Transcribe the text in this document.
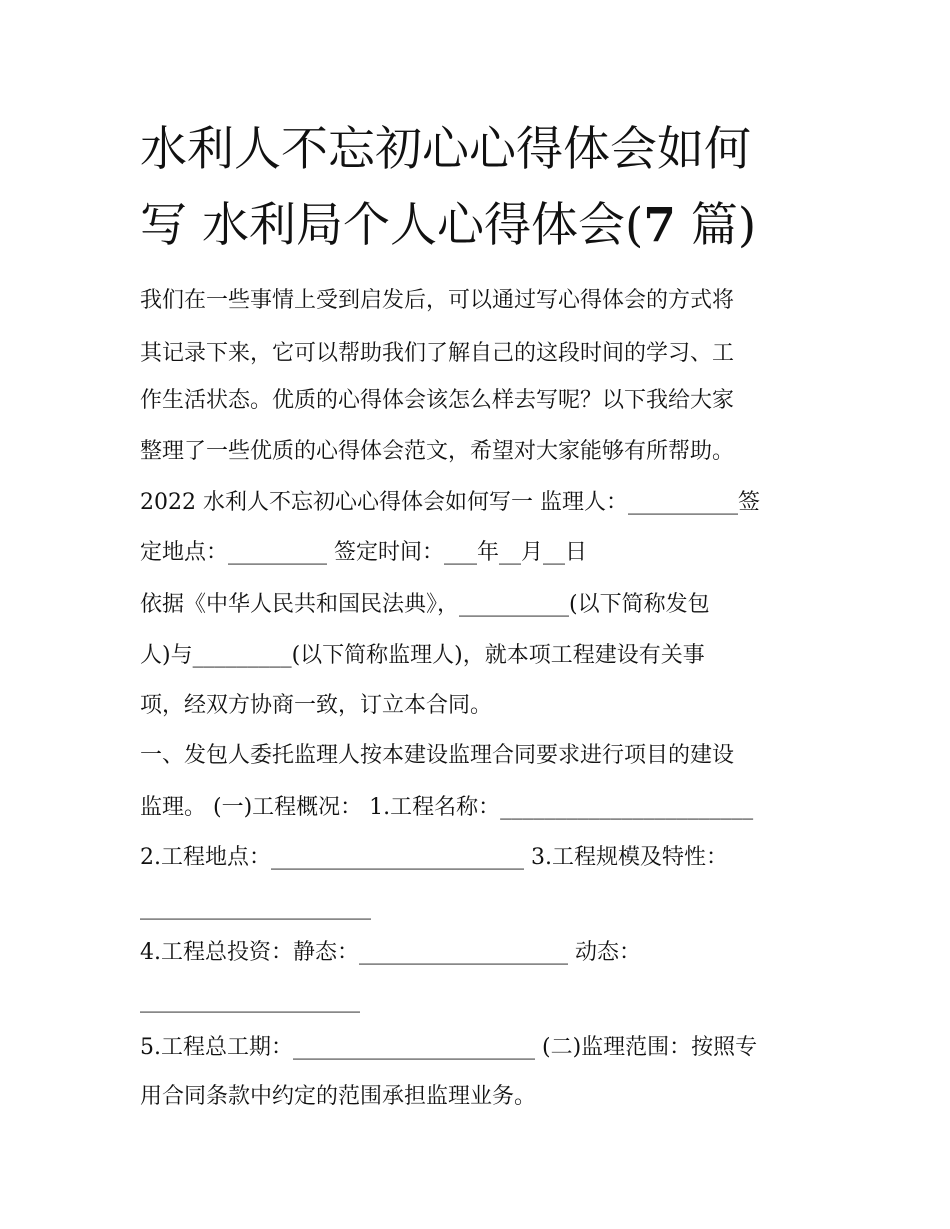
水利人不忘初心心得体会如何
写 水利局个人心得体会(7 篇)
我们在一些事情上受到启发后，可以通过写心得体会的方式将
其记录下来，它可以帮助我们了解自己的这段时间的学习、工
作生活状态。优质的心得体会该怎么样去写呢？以下我给大家
整理了一些优质的心得体会范文，希望对大家能够有所帮助。
2022 水利人不忘初心心得体会如何写一 监理人：__________签
定地点：_________ 签定时间：___年__月__日
依据《中华人民共和国民法典》，__________(以下简称发包
人)与_________(以下简称监理人)，就本项工程建设有关事
项，经双方协商一致，订立本合同。
一、发包人委托监理人按本建设监理合同要求进行项目的建设
监理。 (一)工程概况： 1.工程名称：_______________________
2.工程地点：_______________________ 3.工程规模及特性：
_____________________
4.工程总投资：静态：___________________ 动态：
____________________
5.工程总工期：______________________ (二)监理范围：按照专
用合同条款中约定的范围承担监理业务。
